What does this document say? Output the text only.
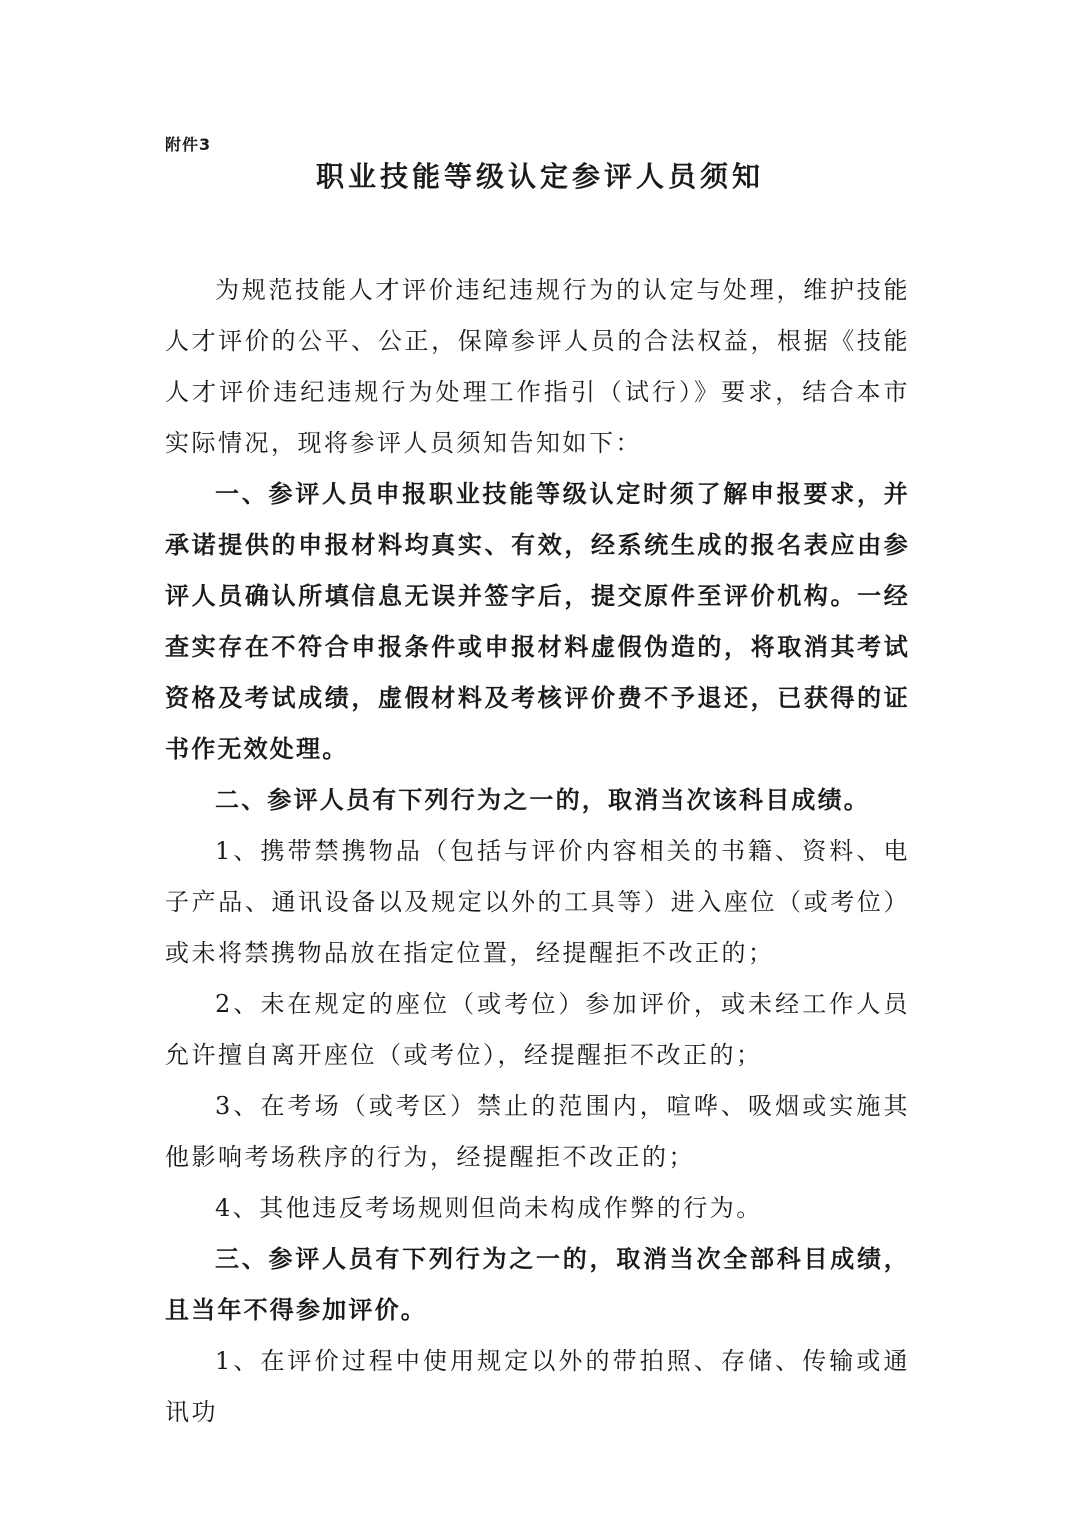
附件3
职业技能等级认定参评人员须知

为规范技能人才评价违纪违规行为的认定与处理，维护技能人才评价的公平、公正，保障参评人员的合法权益，根据《技能人才评价违纪违规行为处理工作指引（试行）》要求，结合本市实际情况，现将参评人员须知告知如下：

一、参评人员申报职业技能等级认定时须了解申报要求，并承诺提供的申报材料均真实、有效，经系统生成的报名表应由参评人员确认所填信息无误并签字后，提交原件至评价机构。一经查实存在不符合申报条件或申报材料虚假伪造的，将取消其考试资格及考试成绩，虚假材料及考核评价费不予退还，已获得的证书作无效处理。

二、参评人员有下列行为之一的，取消当次该科目成绩。

1、携带禁携物品（包括与评价内容相关的书籍、资料、电子产品、通讯设备以及规定以外的工具等）进入座位（或考位）或未将禁携物品放在指定位置，经提醒拒不改正的；

2、未在规定的座位（或考位）参加评价，或未经工作人员允许擅自离开座位（或考位），经提醒拒不改正的；

3、在考场（或考区）禁止的范围内，喧哗、吸烟或实施其他影响考场秩序的行为，经提醒拒不改正的；

4、其他违反考场规则但尚未构成作弊的行为。

三、参评人员有下列行为之一的，取消当次全部科目成绩，且当年不得参加评价。

1、在评价过程中使用规定以外的带拍照、存储、传输或通讯功
